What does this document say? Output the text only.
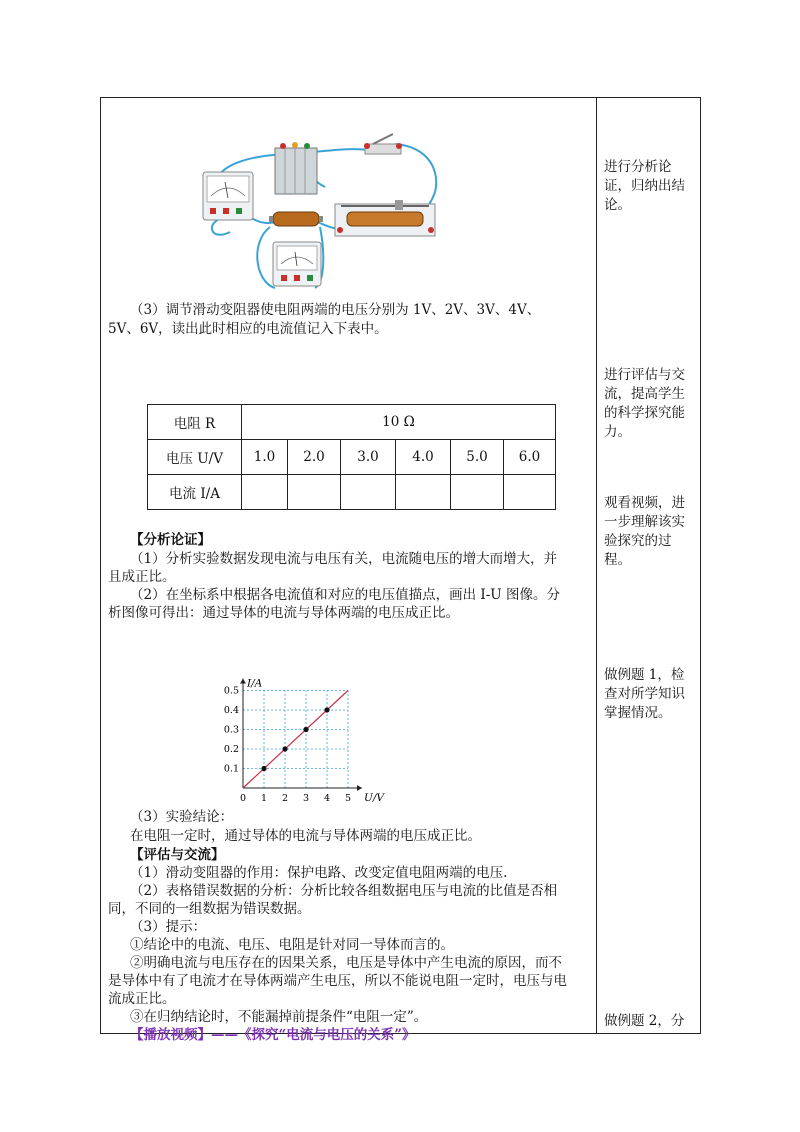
（3）调节滑动变阻器使电阻两端的电压分别为 1V、2V、3V、4V、
5V、6V，读出此时相应的电流值记入下表中。
电阻 R	10 Ω					
电压 U/V	1.0	2.0	3.0	4.0	5.0	6.0
电流 I/A						
【分析论证】
（1）分析实验数据发现电流与电压有关，电流随电压的增大而增大，并
且成正比。
（2）在坐标系中根据各电流值和对应的电压值描点，画出 I-U 图像。分
析图像可得出：通过导体的电流与导体两端的电压成正比。
0 1 2 3 4 5
0.1
0.2
0.3
0.4
0.5
U/V
I/A
（3）实验结论：
在电阻一定时，通过导体的电流与导体两端的电压成正比。
【评估与交流】
（1）滑动变阻器的作用：保护电路、改变定值电阻两端的电压.
（2）表格错误数据的分析：分析比较各组数据电压与电流的比值是否相
同，不同的一组数据为错误数据。
（3）提示：
①结论中的电流、电压、电阻是针对同一导体而言的。
②明确电流与电压存在的因果关系，电压是导体中产生电流的原因，而不
是导体中有了电流才在导体两端产生电压，所以不能说电阻一定时，电压与电
流成正比。
③在归纳结论时，不能漏掉前提条件“电阻一定”。
【播放视频】——《探究“电流与电压的关系”》
进行分析论证，归纳出结论。
进行评估与交流，提高学生的科学探究能力。
观看视频，进一步理解该实验探究的过程。
做例题 1，检查对所学知识掌握情况。
做例题 2，分
